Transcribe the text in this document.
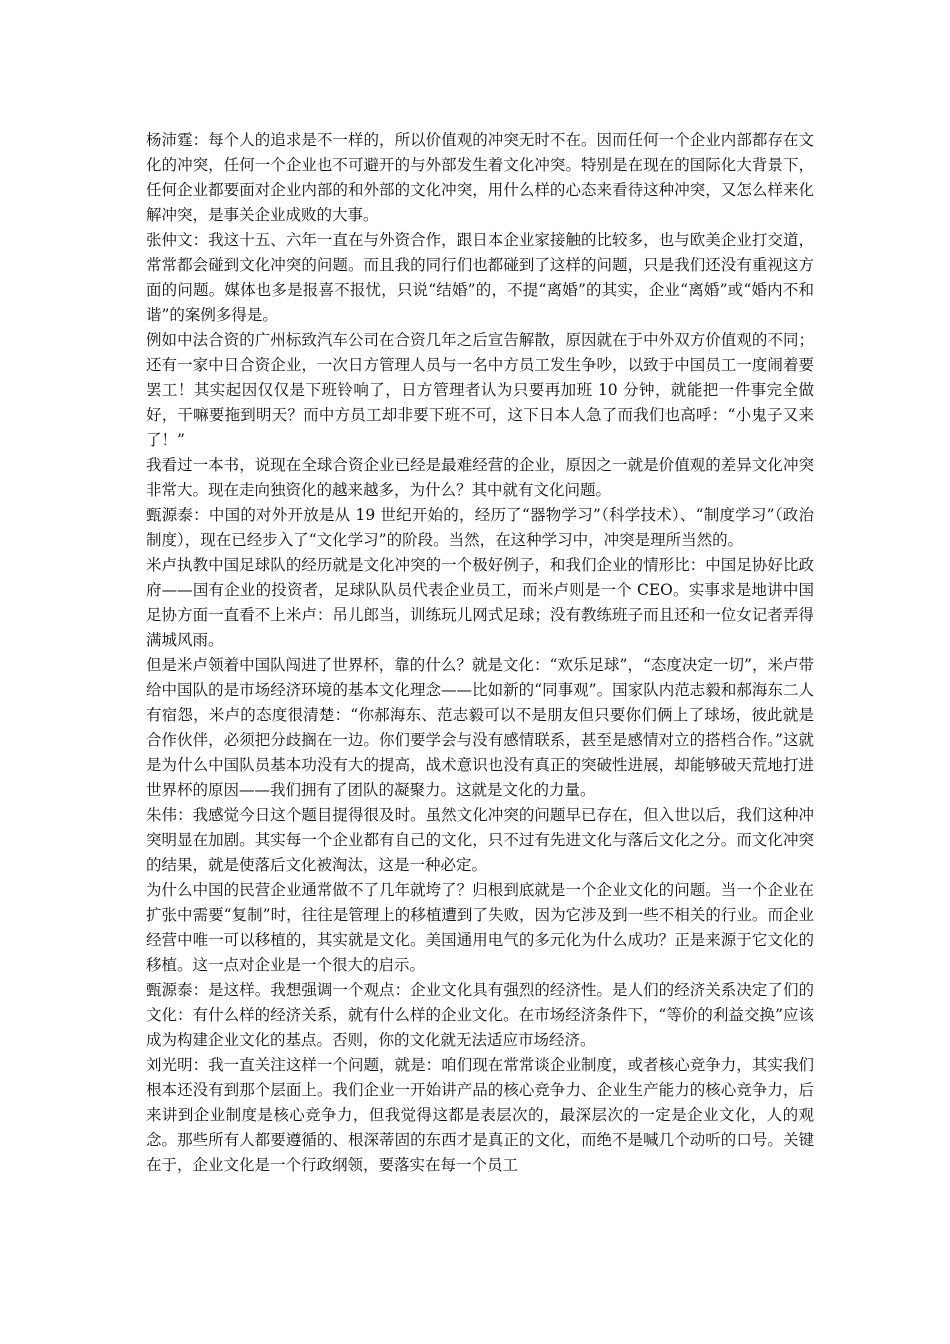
杨沛霆：每个人的追求是不一样的，所以价值观的冲突无时不在。因而任何一个企业内部都存在文化的冲突，任何一个企业也不可避开的与外部发生着文化冲突。特别是在现在的国际化大背景下，任何企业都要面对企业内部的和外部的文化冲突，用什么样的心态来看待这种冲突，又怎么样来化解冲突，是事关企业成败的大事。

张仲文：我这十五、六年一直在与外资合作，跟日本企业家接触的比较多，也与欧美企业打交道，常常都会碰到文化冲突的问题。而且我的同行们也都碰到了这样的问题，只是我们还没有重视这方面的问题。媒体也多是报喜不报忧，只说“结婚”的，不提“离婚”的其实，企业“离婚”或“婚内不和谐”的案例多得是。

例如中法合资的广州标致汽车公司在合资几年之后宣告解散，原因就在于中外双方价值观的不同；还有一家中日合资企业，一次日方管理人员与一名中方员工发生争吵，以致于中国员工一度闹着要罢工！其实起因仅仅是下班铃响了，日方管理者认为只要再加班 10 分钟，就能把一件事完全做好，干嘛要拖到明天？而中方员工却非要下班不可，这下日本人急了而我们也高呼：“小鬼子又来了！”

我看过一本书，说现在全球合资企业已经是最难经营的企业，原因之一就是价值观的差异文化冲突非常大。现在走向独资化的越来越多，为什么？其中就有文化问题。

甄源泰：中国的对外开放是从 19 世纪开始的，经历了“器物学习”（科学技术）、“制度学习”（政治制度），现在已经步入了“文化学习”的阶段。当然，在这种学习中，冲突是理所当然的。

米卢执教中国足球队的经历就是文化冲突的一个极好例子，和我们企业的情形比：中国足协好比政府——国有企业的投资者，足球队队员代表企业员工，而米卢则是一个 CEO。实事求是地讲中国足协方面一直看不上米卢：吊儿郎当，训练玩儿网式足球；没有教练班子而且还和一位女记者弄得满城风雨。

但是米卢领着中国队闯进了世界杯，靠的什么？就是文化：“欢乐足球”，“态度决定一切”，米卢带给中国队的是市场经济环境的基本文化理念——比如新的“同事观”。国家队内范志毅和郝海东二人有宿怨，米卢的态度很清楚：“你郝海东、范志毅可以不是朋友但只要你们俩上了球场，彼此就是合作伙伴，必须把分歧搁在一边。你们要学会与没有感情联系，甚至是感情对立的搭档合作。”这就是为什么中国队员基本功没有大的提高，战术意识也没有真正的突破性进展，却能够破天荒地打进世界杯的原因——我们拥有了团队的凝聚力。这就是文化的力量。

朱伟：我感觉今日这个题目提得很及时。虽然文化冲突的问题早已存在，但入世以后，我们这种冲突明显在加剧。其实每一个企业都有自己的文化，只不过有先进文化与落后文化之分。而文化冲突的结果，就是使落后文化被淘汰，这是一种必定。

为什么中国的民营企业通常做不了几年就垮了？归根到底就是一个企业文化的问题。当一个企业在扩张中需要“复制”时，往往是管理上的移植遭到了失败，因为它涉及到一些不相关的行业。而企业经营中唯一可以移植的，其实就是文化。美国通用电气的多元化为什么成功？正是来源于它文化的移植。这一点对企业是一个很大的启示。

甄源泰：是这样。我想强调一个观点：企业文化具有强烈的经济性。是人们的经济关系决定了们的文化：有什么样的经济关系，就有什么样的企业文化。在市场经济条件下，“等价的利益交换”应该成为构建企业文化的基点。否则，你的文化就无法适应市场经济。

刘光明：我一直关注这样一个问题，就是：咱们现在常常谈企业制度，或者核心竞争力，其实我们根本还没有到那个层面上。我们企业一开始讲产品的核心竞争力、企业生产能力的核心竞争力，后来讲到企业制度是核心竞争力，但我觉得这都是表层次的，最深层次的一定是企业文化，人的观念。那些所有人都要遵循的、根深蒂固的东西才是真正的文化，而绝不是喊几个动听的口号。关键在于，企业文化是一个行政纲领，要落实在每一个员工
